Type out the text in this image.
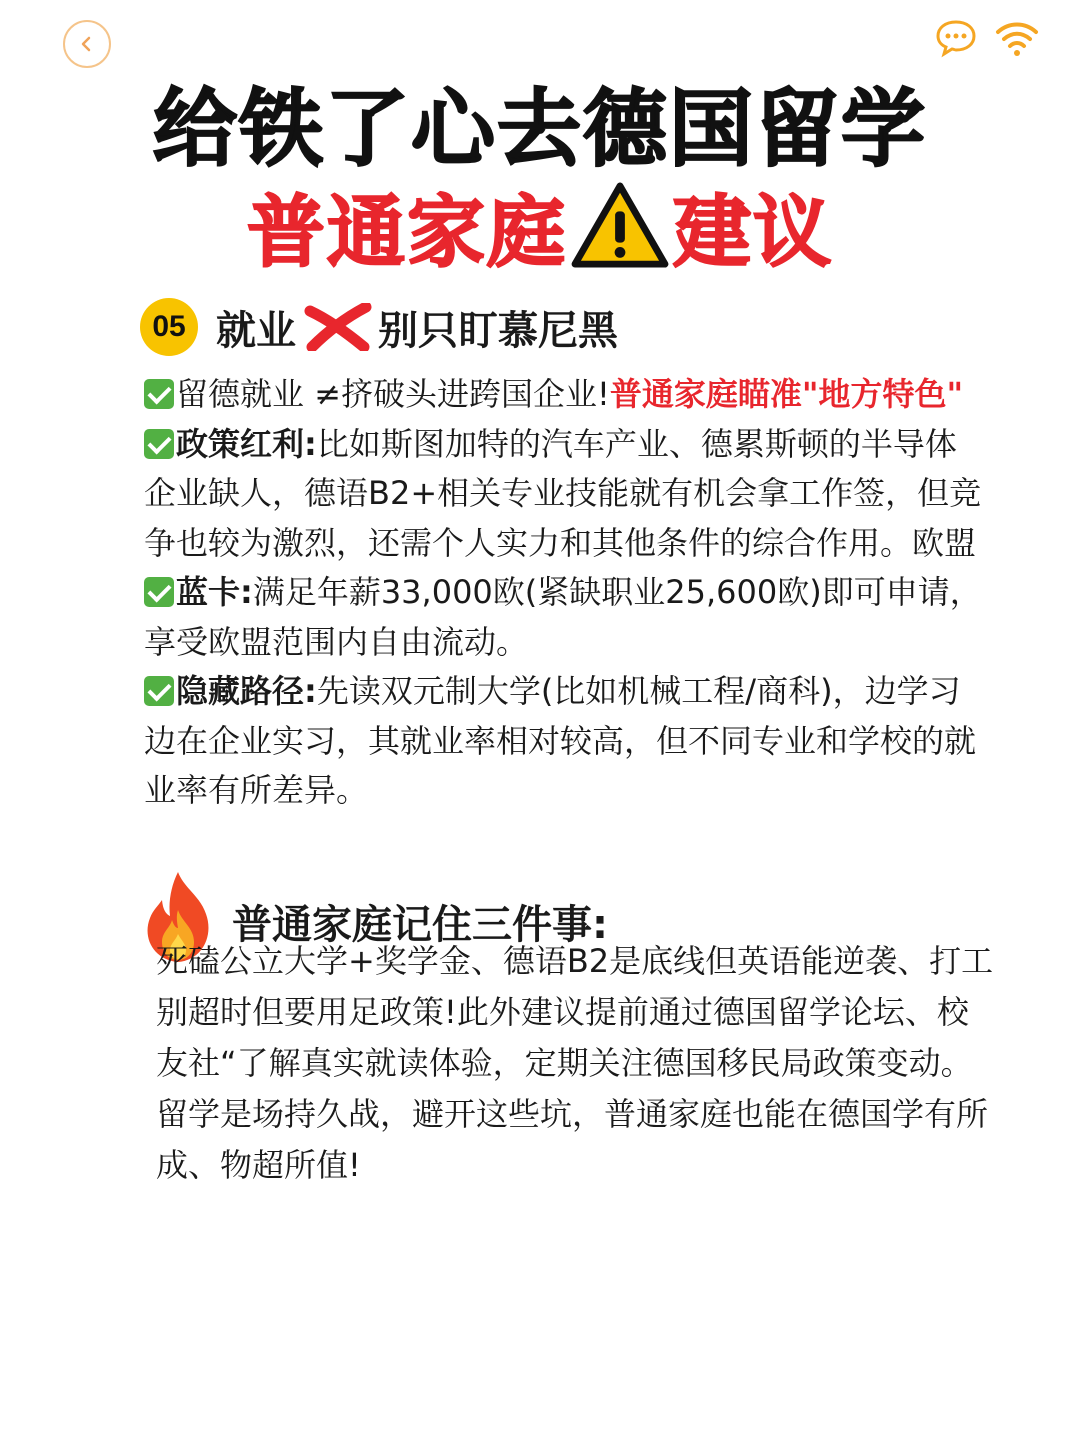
给铁了心去德国留学
普通家庭 建议
05 就业 别只盯慕尼黑
留德就业 ≠挤破头进跨国企业!普通家庭瞄准"地方特色"
政策红利:比如斯图加特的汽车产业、德累斯顿的半导体
企业缺人，德语B2+相关专业技能就有机会拿工作签，但竞
争也较为激烈，还需个人实力和其他条件的综合作用。欧盟
蓝卡:满足年薪33,000欧(紧缺职业25,600欧)即可申请，
享受欧盟范围内自由流动。
隐藏路径:先读双元制大学(比如机械工程/商科)，边学习
边在企业实习，其就业率相对较高，但不同专业和学校的就
业率有所差异。
普通家庭记住三件事:
死磕公立大学+奖学金、德语B2是底线但英语能逆袭、打工
别超时但要用足政策!此外建议提前通过德国留学论坛、校
友社“了解真实就读体验，定期关注德国移民局政策变动。
留学是场持久战，避开这些坑，普通家庭也能在德国学有所
成、物超所值!
